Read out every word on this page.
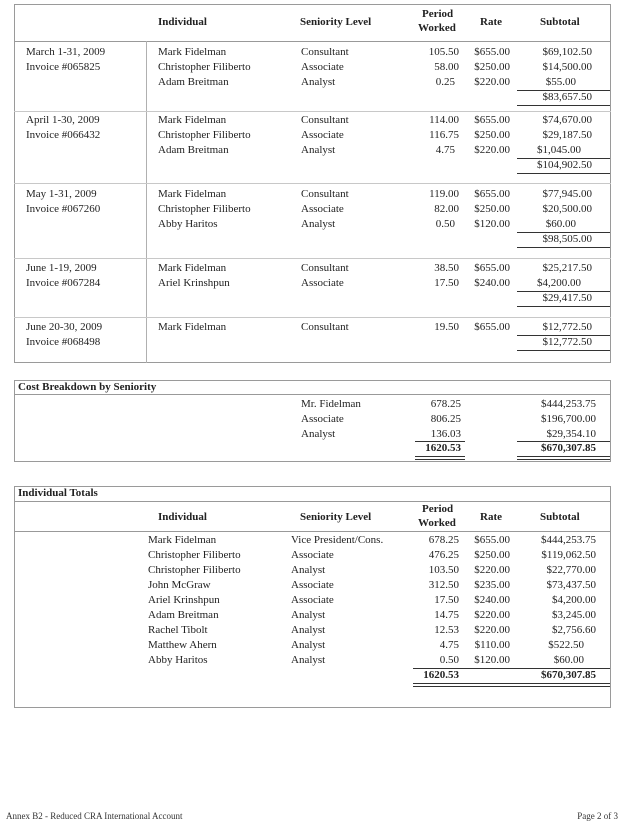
Individual	Seniority Level
Period
Worked Rate	Subtotal
March 1-31, 2009
Invoice #065825
Mark Fidelman	Consultant	105.50 $655.00	$69,102.50
Christopher Filiberto	Associate	58.00 $250.00	$14,500.00
Adam Breitman	Analyst	0.25 $220.00	$55.00
$83,657.50
April 1-30, 2009
Invoice #066432
Mark Fidelman	Consultant	114.00 $655.00	$74,670.00
Christopher Filiberto	Associate	116.75 $250.00	$29,187.50
Adam Breitman	Analyst	4.75 $220.00 $1,045.00
$104,902.50
May 1-31, 2009
Invoice #067260
Mark Fidelman	Consultant	119.00 $655.00	$77,945.00
Christopher Filiberto	Associate	82.00 $250.00	$20,500.00
Abby Haritos	Analyst	0.50 $120.00	$60.00
$98,505.00
June 1-19, 2009
Invoice #067284
Mark Fidelman	Consultant	38.50 $655.00	$25,217.50
Ariel Krinshpun	Associate	17.50 $240.00 $4,200.00
$29,417.50
June 20-30, 2009
Invoice #068498
Mark Fidelman	Consultant	19.50 $655.00	$12,772.50
$12,772.50
Cost Breakdown by Seniority
Mr. Fidelman	678.25	$444,253.75
Associate	806.25	$196,700.00
Analyst	136.03	$29,354.10
1620.53	$670,307.85
Individual Totals
Individual	Seniority Level
Period
Worked Rate	Subtotal
Mark Fidelman	Vice President/Cons.	678.25 $655.00	$444,253.75
Christopher Filiberto	Associate	476.25 $250.00	$119,062.50
Christopher Filiberto	Analyst	103.50 $220.00	$22,770.00
John McGraw	Associate	312.50 $235.00	$73,437.50
Ariel Krinshpun	Associate	17.50 $240.00	$4,200.00
Adam Breitman	Analyst	14.75 $220.00	$3,245.00
Rachel Tibolt	Analyst	12.53 $220.00	$2,756.60
Matthew Ahern	Analyst	4.75 $110.00	$522.50
Abby Haritos	Analyst	0.50 $120.00	$60.00
1620.53	$670,307.85
Annex B2 - Reduced CRA International Account	Page 2 of 3
